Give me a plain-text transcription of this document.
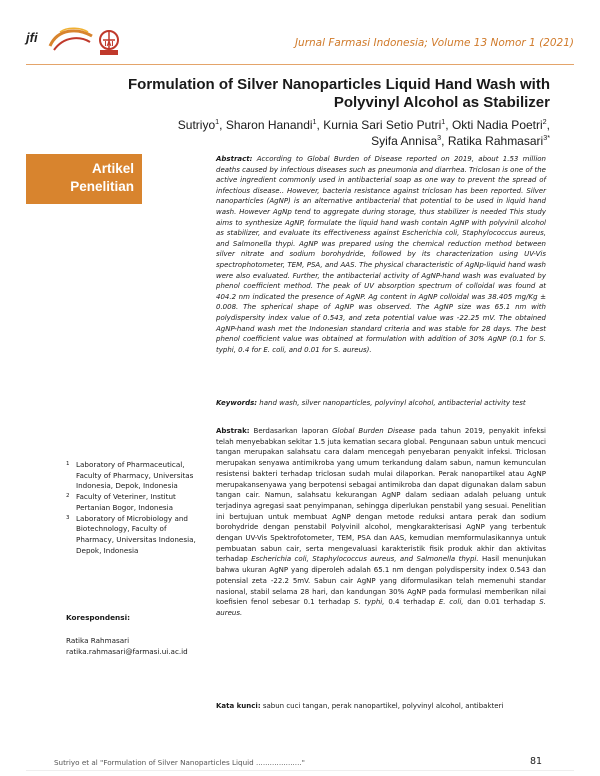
jfi	IAI	Jurnal Farmasi Indonesia; Volume 13 Nomor 1 (2021)
Formulation of Silver Nanoparticles Liquid Hand Wash with
Polyvinyl Alcohol as Stabilizer
Sutriyo$^1$, Sharon Hanandi$^1$, Kurnia Sari Setio Putri$^1$, Okti Nadia Poetri$^2$,
Syifa Annisa$^3$, Ratika Rahmasari$^{3*}$
Artikel
Penelitian
Abstract: According to Global Burden of Disease reported on 2019, about 1.53 million deaths caused by infectious diseases such as pneumonia and diarrhea. Triclosan is one of the active ingredient commonly used in antibacterial soap as one way to prevent the spread of infectious disease.. However, bacteria resistance against triclosan has been reported. Silver nanoparticles (AgNP) is an alternative antibacterial that potential to be used in liquid hand wash. However AgNp tend to aggregate during storage, thus stabilizer is needed This study aims to synthesize AgNP, formulate the liquid hand wash contain AgNP with polyvinil alcohol as stabilizer, and evaluate its effectiveness against Escherichia coli, Staphylococcus aureus, and Salmonella thypi. AgNP was prepared using the chemical reduction method between silver nitrate and sodium borohydride, followed by its characterization using UV-Vis spectrophotometer, TEM, PSA, and AAS. The physical characteristic of AgNp-liquid hand wash were also evaluated. Further, the antibacterial activity of AgNP-hand wash was evaluated by phenol coefficient method. The peak of UV absorption spectrum of colloidal was found at 404.2 nm indicated the presence of AgNP. Ag content in AgNP colloidal was 38.405 mg/Kg ± 0.008. The spherical shape of AgNP was observed. The AgNP size was 65.1 nm with polydispersity index value of 0.543, and zeta potential value was -22.25 mV. The obtained AgNP-hand wash met the Indonesian standard criteria and was stable for 28 days. The best phenol coefficient value was obtained at formulation with addition of 30% AgNP (0.1 for S. typhi, 0.4 for E. coli, and 0.01 for S. aureus).
Keywords: hand wash, silver nanoparticles, polyvinyl alcohol, antibacterial activity test
Abstrak: Berdasarkan laporan Global Burden Disease pada tahun 2019, penyakit infeksi telah menyebabkan sekitar 1.5 juta kematian secara global. Pengunaan sabun untuk mencuci tangan merupakan salahsatu cara dalam mencegah penyebaran penyakit infeksi. Triclosan merupakan senyawa antimikroba yang umum terkandung dalam sabun, namun kemunculan resistensi bakteri terhadap triclosan sudah mulai dilaporkan. Perak nanopartikel atau AgNP merupakansenyawa yang berpotensi sebagai antimikroba dan dapat digunakan dalam sabun tangan cair. Namun, salahsatu kekurangan AgNP dalam sediaan adalah peluang untuk terjadinya agregasi saat penyimpanan, sehingga diperlukan penstabil yang sesuai. Penelitian ini bertujuan untuk membuat AgNP dengan metode reduksi antara perak dan sodium borohydride dengan penstabil Polyvinil alcohol, mengkarakterisasi AgNP yang terbentuk dengan UV-Vis Spektrofotometer, TEM, PSA dan AAS, kemudian memformulasikannya untuk pembuatan sabun cair, serta mengevaluasi karakteristik fisik produk akhir dan aktivitas terhadap Escherichia coli, Staphylococcus aureus, and Salmonella thypi. Hasil menunjukan bahwa ukuran AgNP yang diperoleh adalah 65.1 nm dengan polydispersity index 0.543 dan potensial zeta -22.2 5mV. Sabun cair AgNP yang diformulasikan telah memenuhi standar nasional, stabil selama 28 hari, dan kandungan 30% AgNP pada formulasi memberikan nilai koefisien fenol sebesar 0.1 terhadap S. typhi, 0.4 terhadap E. coli, dan 0.01 terhadap S. aureus.
Kata kunci: sabun cuci tangan, perak nanopartikel, polyvinyl alcohol, antibakteri
1 Laboratory of Pharmaceutical, Faculty of Pharmacy, Universitas Indonesia, Depok, Indonesia
2 Faculty of Veteriner, Institut Pertanian Bogor, Indonesia
3 Laboratory of Microbiology and Biotechnology, Faculty of Pharmacy, Universitas Indonesia, Depok, Indonesia
Korespondensi:
Ratika Rahmasari
ratika.rahmasari@farmasi.ui.ac.id
Sutriyo et al "Formulation of Silver Nanoparticles Liquid ...................."	81
